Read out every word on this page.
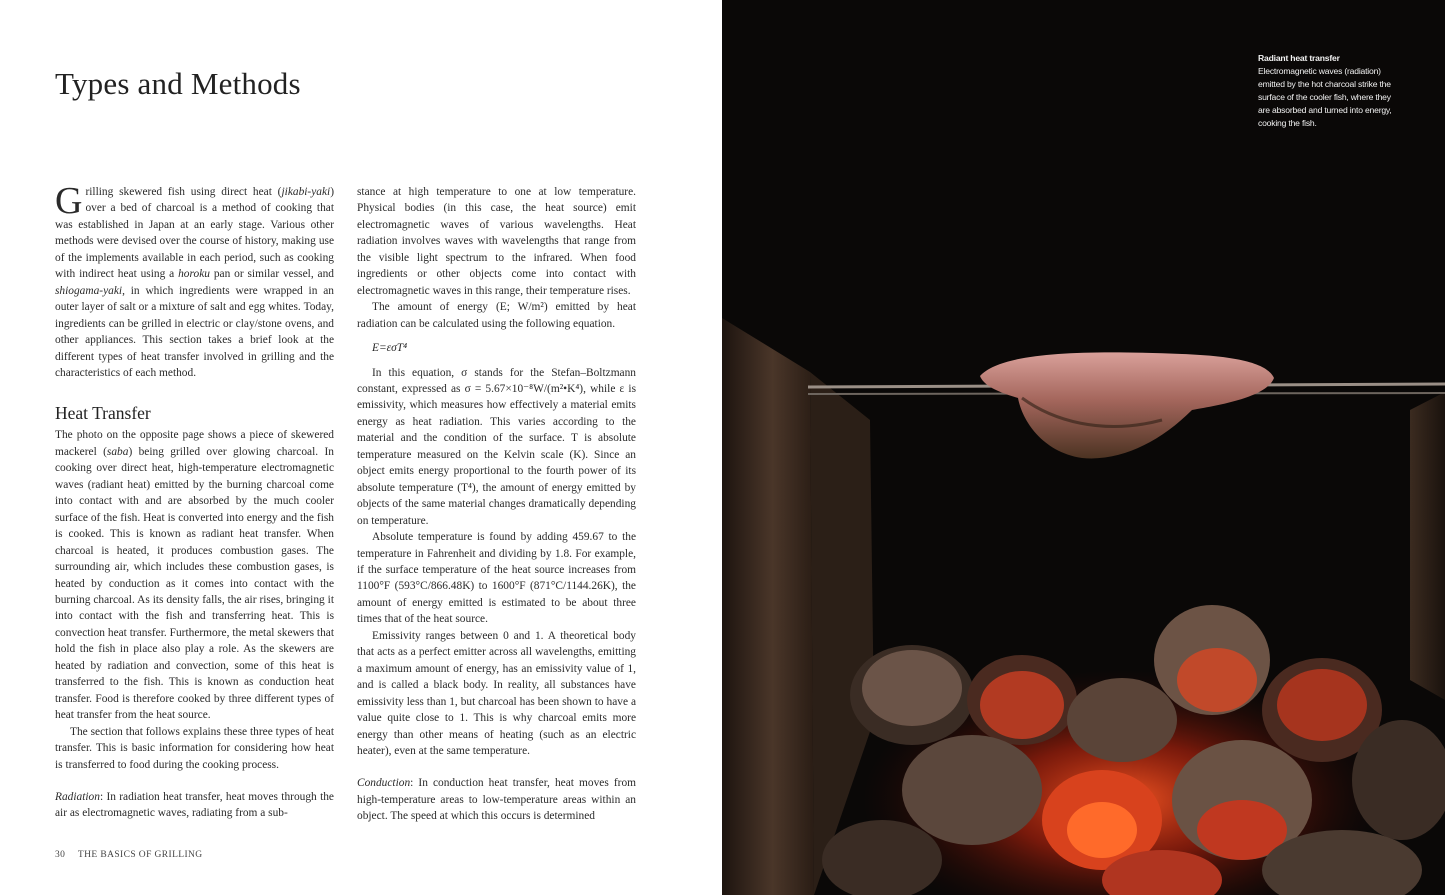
Types and Methods

Grilling skewered fish using direct heat (jikabi-yaki) over a bed of charcoal is a method of cooking that was established in Japan at an early stage. Various other methods were devised over the course of history, making use of the implements available in each period, such as cooking with indirect heat using a horoku pan or similar vessel, and shiogama-yaki, in which ingredients were wrapped in an outer layer of salt or a mixture of salt and egg whites. Today, ingredients can be grilled in electric or clay/stone ovens, and other appliances. This section takes a brief look at the different types of heat transfer involved in grilling and the characteristics of each method.

Heat Transfer

The photo on the opposite page shows a piece of skewered mackerel (saba) being grilled over glowing charcoal. In cooking over direct heat, high-temperature electromagnetic waves (radiant heat) emitted by the burning charcoal come into contact with and are absorbed by the much cooler surface of the fish. Heat is converted into energy and the fish is cooked. This is known as radiant heat transfer. When charcoal is heated, it produces combustion gases. The surrounding air, which includes these combustion gases, is heated by conduction as it comes into contact with the burning charcoal. As its density falls, the air rises, bringing it into contact with the fish and transferring heat. This is convection heat transfer. Furthermore, the metal skewers that hold the fish in place also play a role. As the skewers are heated by radiation and convection, some of this heat is transferred to the fish. This is known as conduction heat transfer. Food is therefore cooked by three different types of heat transfer from the heat source.

The section that follows explains these three types of heat transfer. This is basic information for considering how heat is transferred to food during the cooking process.

Radiation: In radiation heat transfer, heat moves through the air as electromagnetic waves, radiating from a sub-

stance at high temperature to one at low temperature. Physical bodies (in this case, the heat source) emit electromagnetic waves of various wavelengths. Heat radiation involves waves with wavelengths that range from the visible light spectrum to the infrared. When food ingredients or other objects come into contact with electromagnetic waves in this range, their temperature rises.

The amount of energy (E; W/m²) emitted by heat radiation can be calculated using the following equation.

E=εσT⁴

In this equation, σ stands for the Stefan–Boltzmann constant, expressed as σ = 5.67×10⁻⁸W/(m²•K⁴), while ε is emissivity, which measures how effectively a material emits energy as heat radiation. This varies according to the material and the condition of the surface. T is absolute temperature measured on the Kelvin scale (K). Since an object emits energy proportional to the fourth power of its absolute temperature (T⁴), the amount of energy emitted by objects of the same material changes dramatically depending on temperature.

Absolute temperature is found by adding 459.67 to the temperature in Fahrenheit and dividing by 1.8. For example, if the surface temperature of the heat source increases from 1100°F (593°C/866.48K) to 1600°F (871°C/1144.26K), the amount of energy emitted is estimated to be about three times that of the heat source.

Emissivity ranges between 0 and 1. A theoretical body that acts as a perfect emitter across all wavelengths, emitting a maximum amount of energy, has an emissivity value of 1, and is called a black body. In reality, all substances have emissivity less than 1, but charcoal has been shown to have a value quite close to 1. This is why charcoal emits more energy than other means of heating (such as an electric heater), even at the same temperature.

Conduction: In conduction heat transfer, heat moves from high-temperature areas to low-temperature areas within an object. The speed at which this occurs is determined

30 THE BASICS OF GRILLING
Radiant heat transfer
Electromagnetic waves (radiation) emitted by the hot charcoal strike the surface of the cooler fish, where they are absorbed and turned into energy, cooking the fish.
